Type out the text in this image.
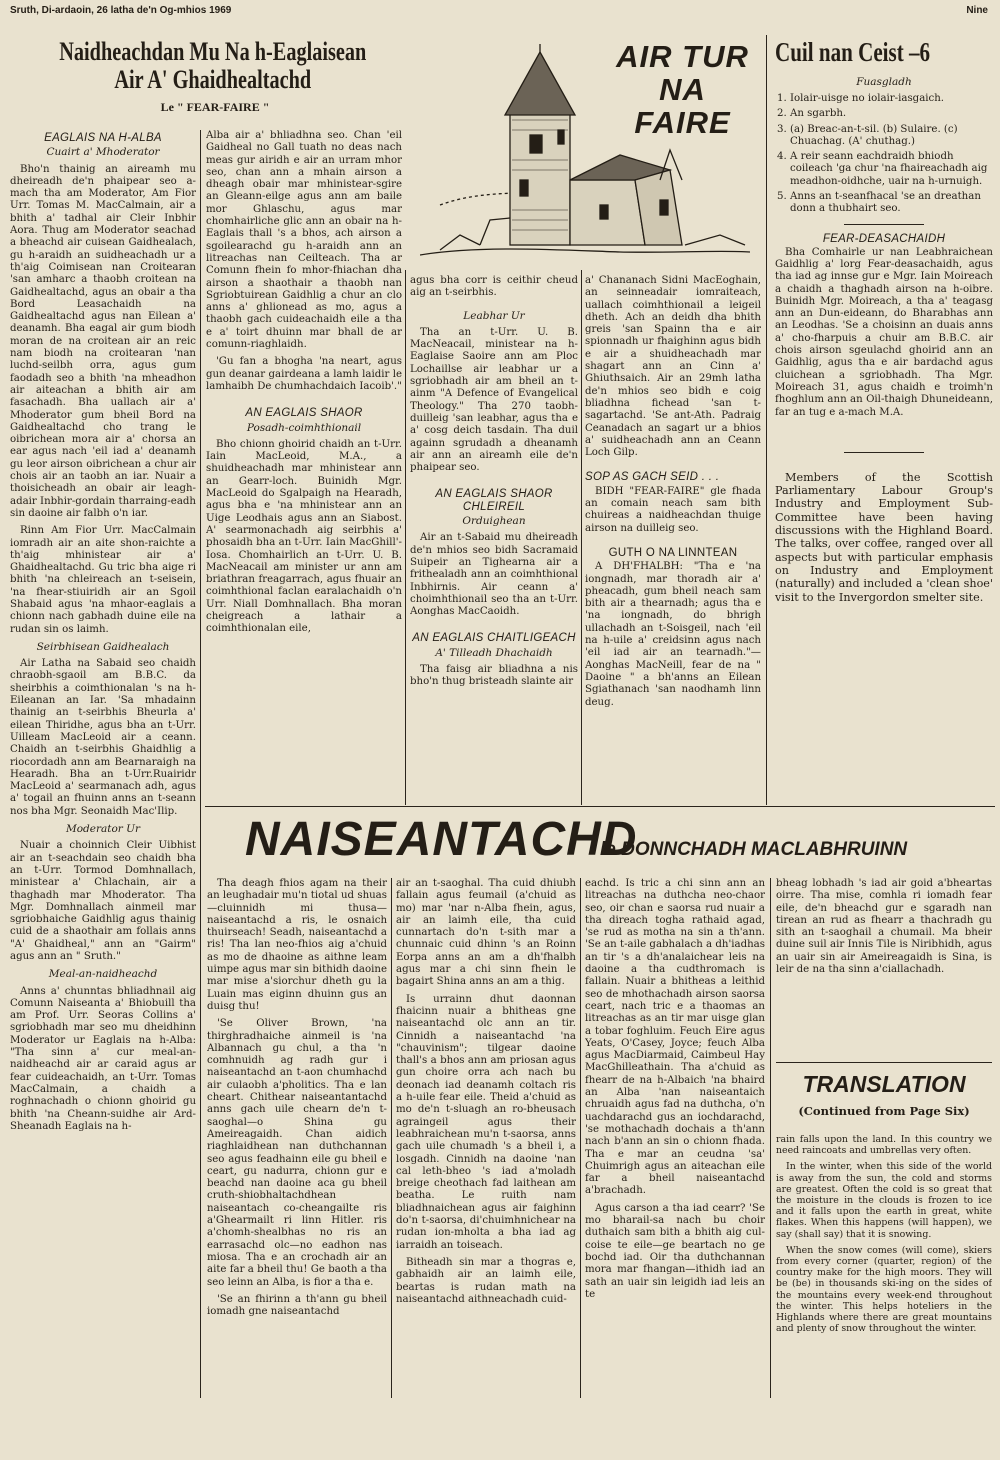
Sruth, Di-ardaoin, 26 latha de'n Og-mhios 1969	Nine
Naidheachdan Mu Na h-Eaglaisean
Air A' Ghaidhealtachd
Le " FEAR-FAIRE "
EAGLAIS NA H-ALBA
Cuairt a' Mhoderator

Bho'n thainig an aireamh mu dheireadh de'n phaipear seo a-mach tha am Moderator, Am Fior Urr. Tomas M. MacCalmain, air a bhith a' tadhal air Cleir Inbhir Aora. Thug am Moderator seachad a bheachd air cuisean Gaidhealach, gu h-araidh an suidheachadh ur a th'aig Coimisean nan Croitearan 'san amharc a thaobh croitean na Gaidhealtachd, agus an obair a tha Bord Leasachaidh na Gaidhealtachd agus nan Eilean a' deanamh. Bha eagal air gum biodh moran de na croitean air an reic nam biodh na croitearan 'nan luchd-seilbh orra, agus gum faodadh seo a bhith 'na mheadhon air aiteachan a bhith air am fasachadh. Bha uallach air a' Mhoderator gum bheil Bord na Gaidhealtachd cho trang le oibrichean mora air a' chorsa an ear agus nach 'eil iad a' deanamh gu leor airson oibrichean a chur air chois air an taobh an iar. Nuair a thoisicheadh an obair air leagh-adair Inbhir-gordain tharraing-eadh sin daoine air falbh o'n iar.

Rinn Am Fior Urr. MacCalmain iomradh air an aite shon-raichte a th'aig mhinistear air a' Ghaidhealtachd. Gu tric bha aige ri bhith 'na chleireach an t-seisein, 'na fhear-stiuiridh air an Sgoil Shabaid agus 'na mhaor-eaglais a chionn nach gabhadh duine eile na rudan sin os laimh.

Seirbhisean Gaidhealach

Air Latha na Sabaid seo chaidh chraobh-sgaoil am B.B.C. da sheirbhis a coimthionalan 's na h-Eileanan an Iar. 'Sa mhadainn thainig an t-seirbhis Bheurla a' eilean Thiridhe, agus bha an t-Urr. Uilleam MacLeoid air a ceann. Chaidh an t-seirbhis Ghaidhlig a riocordadh ann am Bearnaraigh na Hearadh. Bha an t-Urr.Ruairidr MacLeoid a' searmanach adh, agus a' togail an fhuinn anns an t-seann nos bha Mgr. Seonaidh Mac'Ilip.

Moderator Ur

Nuair a choinnich Cleir Uibhist air an t-seachdain seo chaidh bha an t-Urr. Tormod Domhnallach, ministear a' Chlachain, air a thaghadh mar Mhoderator. Tha Mgr. Domhnallach ainmeil mar sgriobhaiche Gaidhlig agus thainig cuid de a shaothair am follais anns "A' Ghaidheal," ann an "Gairm" agus ann an " Sruth."

Meal-an-naidheachd

Anns a' chunntas bhliadhnail aig Comunn Naiseanta a' Bhiobuill tha am Prof. Urr. Seoras Collins a' sgriobhadh mar seo mu dheidhinn Moderator ur Eaglais na h-Alba: "Tha sinn a' cur meal-an-naidheachd air ar caraid agus ar fear cuideachaidh, an t-Urr. Tomas MacCalmain, a chaidh a roghnachadh o chionn ghoirid gu bhith 'na Cheann-suidhe air Ard-Sheanadh Eaglais na h-

Alba air a' bhliadhna seo. Chan 'eil Gaidheal no Gall tuath no deas nach meas gur airidh e air an urram mhor seo, chan ann a mhain airson a dheagh obair mar mhinistear-sgire an Gleann-eilge agus ann am baile mor Ghlaschu, agus mar chomhairliche glic ann an obair na h-Eaglais thall 's a bhos, ach airson a sgoilearachd gu h-araidh ann an litreachas nan Ceilteach. Tha ar Comunn fhein fo mhor-fhiachan dha airson a shaothair a thaobh nan Sgriobtuirean Gaidhlig a chur an clo anns a' ghlionead as mo, agus a thaobh gach cuideachaidh eile a tha e a' toirt dhuinn mar bhall de ar comunn-riaghlaidh.

'Gu fan a bhogha 'na neart, agus gun deanar gairdeana a lamh laidir le lamhaibh De chumhachdaich Iacoib'."

AN EAGLAIS SHAOR
Posadh-coimhthionail

Bho chionn ghoirid chaidh an t-Urr. Iain MacLeoid, M.A., a shuidheachadh mar mhinistear ann an Gearr-loch. Buinidh Mgr. MacLeoid do Sgalpaigh na Hearadh, agus bha e 'na mhinistear ann an Uige Leodhais agus ann an Siabost. A' searmonachadh aig seirbhis a' phosaidh bha an t-Urr. Iain MacGhill'-Iosa. Chomhairlich an t-Urr. U. B. MacNeacail am minister ur ann am briathran freagarrach, agus fhuair an coimhthional faclan earalachaidh o'n Urr. Niall Domhnallach. Bha moran cheigreach a lathair a coimhthionalan eile,

AIR TUR
NA
FAIRE

agus bha corr is ceithir cheud aig an t-seirbhis.

Leabhar Ur

Tha an t-Urr. U. B. MacNeacail, ministear na h-Eaglaise Saoire ann am Ploc Lochaillse air leabhar ur a sgriobhadh air am bheil an t-ainm "A Defence of Evangelical Theology." Tha 270 taobh-duilleig 'san leabhar, agus tha e a' cosg deich tasdain. Tha duil againn sgrudadh a dheanamh air ann an aireamh eile de'n phaipear seo.

AN EAGLAIS SHAOR CHLEIREIL
Orduighean

Air an t-Sabaid mu dheireadh de'n mhios seo bidh Sacramaid Suipeir an Tighearna air a frithealadh ann an coimhthional Inbhirnis. Air ceann a' choimhthionail seo tha an t-Urr. Aonghas MacCaoidh.

AN EAGLAIS CHAITLIGEACH
A' Tilleadh Dhachaidh

Tha faisg air bliadhna a nis bho'n thug bristeadh slainte air

a' Chananach Sidni MacEoghain, an seinneadair iomraiteach, uallach coimhthionail a leigeil dheth. Ach an deidh dha bhith greis 'san Spainn tha e air spionnadh ur fhaighinn agus bidh e air a shuidheachadh mar shagart ann an Cinn a' Ghiuthsaich. Air an 29mh latha de'n mhios seo bidh e coig bliadhna fichead 'san t-sagartachd. 'Se ant-Ath. Padraig Ceanadach an sagart ur a bhios a' suidheachadh ann an Ceann Loch Gilp.

SOP AS GACH SEID . . .

BIDH "FEAR-FAIRE" gle fhada an comain neach sam bith chuireas a naidheachdan thuige airson na duilleig seo.

GUTH O NA LINNTEAN

A DH'FHALBH: "Tha e 'na iongnadh, mar thoradh air a' pheacadh, gum bheil neach sam bith air a thearnadh; agus tha e 'na iongnadh, do bhrigh ullachadh an t-Soisgeil, nach 'eil na h-uile a' creidsinn agus nach 'eil iad air an tearnadh."— Aonghas MacNeill, fear de na " Daoine " a bh'anns an Eilean Sgiathanach 'san naodhamh linn deug.

Cuil nan Ceist –6
Fuasgladh
1. Iolair-uisge no iolair-iasgaich.
2. An sgarbh.
3. (a) Breac-an-t-sil. (b) Sulaire. (c) Chuachag. (A' chuthag.)
4. A reir seann eachdraidh bhiodh coileach 'ga chur 'na fhaireachadh aig meadhon-oidhche, uair na h-urnuigh.
5. Anns an t-seanfhacal 'se an dreathan donn a thubhairt seo.
FEAR-DEASACHAIDH

Bha Comhairle ur nan Leabhraichean Gaidhlig a' lorg Fear-deasachaidh, agus tha iad ag innse gur e Mgr. Iain Moireach a chaidh a thaghadh airson na h-oibre. Buinidh Mgr. Moireach, a tha a' teagasg ann an Dun-eideann, do Bharabhas ann an Leodhas. 'Se a choisinn an duais anns a' cho-fharpuis a chuir am B.B.C. air chois airson sgeulachd ghoirid ann an Gaidhlig, agus tha e air bardachd agus cluichean a sgriobhadh. Tha Mgr. Moireach 31, agus chaidh e troimh'n fhoghlum ann an Oil-thaigh Dhuneideann, far an tug e a-mach M.A.

Members of the Scottish Parliamentary Labour Group's Industry and Employment Sub-Committee have been having discussions with the Highland Board. The talks, over coffee, ranged over all aspects but with particular emphasis on Industry and Employment (naturally) and included a 'clean shoe' visit to the Invergordon smelter site.

NAISEANTACHD
le DONNCHADH MACLABHRUINN

Tha deagh fhios agam na their an leughadair mu'n tiotal ud shuas—cluinnidh mi thusa—naiseantachd a ris, le osnaich thuirseach! Seadh, naiseantachd a ris! Tha lan neo-fhios aig a'chuid as mo de dhaoine as aithne leam uimpe agus mar sin bithidh daoine mar mise a'siorchur dheth gu la Luain mas eiginn dhuinn gus an duisg thu!

'Se Oliver Brown, 'na thirghradhaiche ainmeil is 'na Albannach gu chul, a tha 'n comhnuidh ag radh gur i naiseantachd an t-aon chumhachd air culaobh a'pholitics. Tha e lan cheart. Chithear naiseantantachd anns gach uile chearn de'n t-saoghal—o Shina gu Ameireagaidh. Chan aidich riaghlaidhean nan duthchannan seo agus feadhainn eile gu bheil e ceart, gu nadurra, chionn gur e beachd nan daoine aca gu bheil cruth-shiobhaltachdhean naiseantach co-cheangailte ris a'Ghearmailt ri linn Hitler. ris a'chomh-shealbhas no ris an earrasachd olc—no eadhon nas miosa. Tha e an crochadh air an aite far a bheil thu! Ge baoth a tha seo leinn an Alba, is fior a tha e.

'Se an fhirinn a th'ann gu bheil iomadh gne naiseantachd

air an t-saoghal. Tha cuid dhiubh fallain agus feumail (a'chuid as mo) mar 'nar n-Alba fhein, agus, air an laimh eile, tha cuid cunnartach do'n t-sith mar a chunnaic cuid dhinn 's an Roinn Eorpa anns an am a dh'fhalbh agus mar a chi sinn fhein le bagairt Shina anns an am a thig.

Is urrainn dhut daonnan fhaicinn nuair a bhitheas gne naiseantachd olc ann an tir. Cinnidh a naiseantachd 'na "chauvinism"; tilgear daoine thall's a bhos ann am priosan agus gun choire orra ach nach bu deonach iad deanamh coltach ris a h-uile fear eile. Theid a'chuid as mo de'n t-sluagh an ro-bheusach agraingeil agus their leabhraichean mu'n t-saorsa, anns gach uile chumadh 's a bheil i, a losgadh. Cinnidh na daoine 'nan cal leth-bheo 's iad a'moladh breige cheothach fad laithean am beatha. Le ruith nam bliadhnaichean agus air faighinn do'n t-saorsa, di'chuimhnichear na rudan ion-mholta a bha iad ag iarraidh an toiseach.

Bitheadh sin mar a thogras e, gabhaidh air an laimh eile, beartas is rudan math na naiseantachd aithneachadh cuid-

eachd. Is tric a chi sinn ann an litreachas na duthcha neo-chaor seo, oir chan e saorsa rud nuair a tha direach togha rathaid agad, 'se rud as motha na sin a th'ann. 'Se an t-aile gabhalach a dh'iadhas an tir 's a dh'analaichear leis na daoine a tha cudthromach is fallain. Nuair a bhitheas a leithid seo de mhothachadh airson saorsa ceart, nach tric e a thaomas an litreachas as an tir mar uisge glan a tobar foghluim. Feuch Eire agus Yeats, O'Casey, Joyce; feuch Alba agus MacDiarmaid, Caimbeul Hay MacGhilleathain. Tha a'chuid as fhearr de na h-Albaich 'na bhaird an Alba 'nan naiseantaich chruaidh agus fad na duthcha, o'n uachdarachd gus an iochdarachd, 'se mothachadh dochais a th'ann nach b'ann an sin o chionn fhada. Tha e mar an ceudna 'sa' Chuimrigh agus an aiteachan eile far a bheil naiseantachd a'brachadh.

Agus carson a tha iad cearr? 'Se mo bharail-sa nach bu choir duthaich sam bith a bhith aig cul-coise te eile—ge beartach no ge bochd iad. Oir tha duthchannan mora mar fhangan—ithidh iad an sath an uair sin leigidh iad leis an te

bheag lobhadh 's iad air goid a'bheartas oirre. Tha mise, comhla ri iomadh fear eile, de'n bheachd gur e sgaradh nan tirean an rud as fhearr a thachradh gu sith an t-saoghail a chumail. Ma bheir duine suil air Innis Tile is Niribhidh, agus an uair sin air Ameireagaidh is Sina, is leir de na tha sinn a'ciallachadh.

TRANSLATION
(Continued from Page Six)

rain falls upon the land. In this country we need raincoats and umbrellas very often.

In the winter, when this side of the world is away from the sun, the cold and storms are greatest. Often the cold is so great that the moisture in the clouds is frozen to ice and it falls upon the earth in great, white flakes. When this happens (will happen), we say (shall say) that it is snowing.

When the snow comes (will come), skiers from every corner (quarter, region) of the country make for the high moors. They will be (be) in thousands ski-ing on the sides of the mountains every week-end throughout the winter. This helps hoteliers in the Highlands where there are great mountains and plenty of snow throughout the winter.
